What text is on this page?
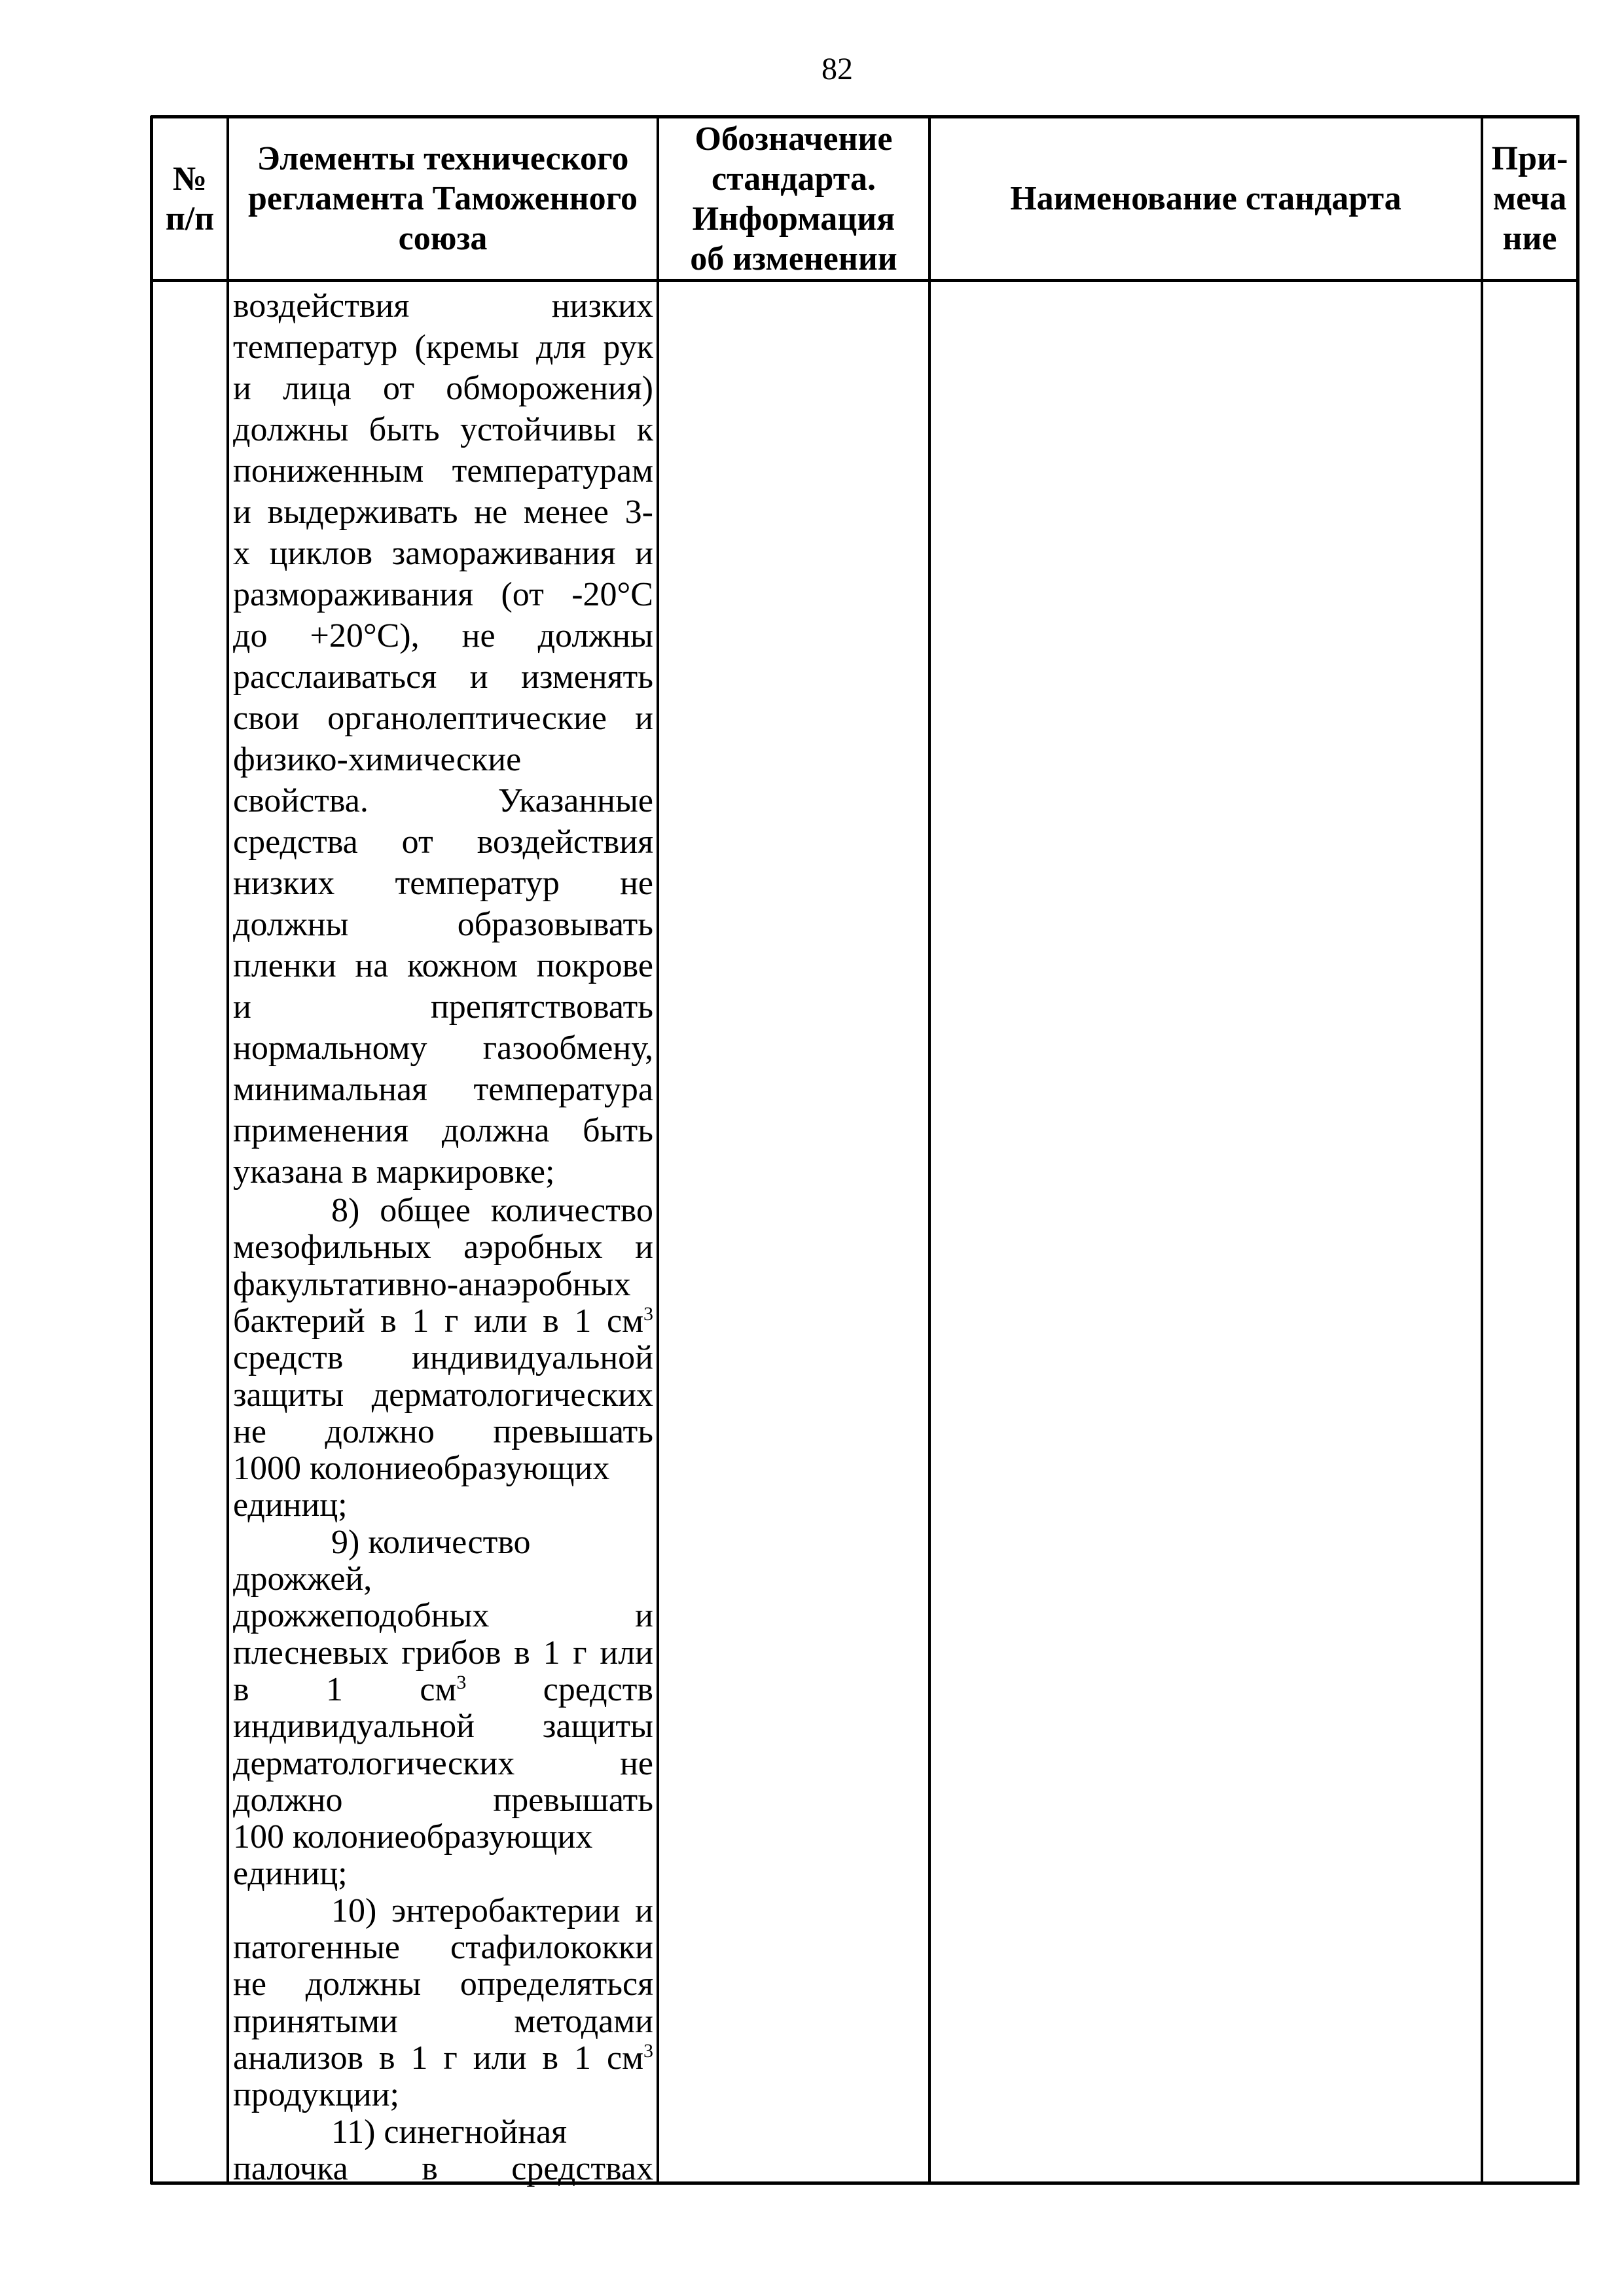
82
№
п/п
Элементы технического
регламента Таможенного
союза
Обозначение
стандарта.
Информация
об изменении
Наименование стандарта
При-
меча
ние
воздействия низких
температур (кремы для рук
и лица от обморожения)
должны быть устойчивы к
пониженным температурам
и выдерживать не менее 3-
х циклов замораживания и
размораживания (от -20°С
до +20°С), не должны
расслаиваться и изменять
свои органолептические и
физико-химические
свойства. Указанные
средства от воздействия
низких температур не
должны образовывать
пленки на кожном покрове
и препятствовать
нормальному газообмену,
минимальная температура
применения должна быть
указана в маркировке;
8) общее количество
мезофильных аэробных и
факультативно-анаэробных
бактерий в 1 г или в 1 $см^3$
средств индивидуальной
защиты дерматологических
не должно превышать
1000 колониеобразующих
единиц;
9) количество
дрожжей,
дрожжеподобных и
плесневых грибов в 1 г или
в 1 $см^3$ средств
индивидуальной защиты
дерматологических не
должно превышать
100 колониеобразующих
единиц;
10) энтеробактерии и
патогенные стафилококки
не должны определяться
принятыми методами
анализов в 1 г или в 1 $см^3$
продукции;
11) синегнойная
палочка в средствах
